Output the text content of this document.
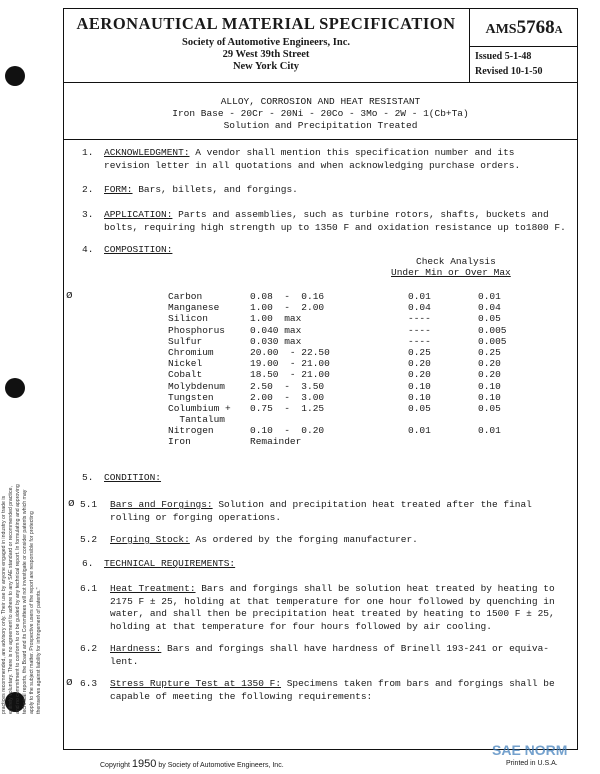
practices recommended, are advisory only. Their use by anyone engaged in industry or trade is entirely voluntary. There is no agreement to adhere to any SAE standard or recommended practice, and no commitment to conform to or be guided by any technical report. In formulating and approving technical reports, the Board and its Committees will not investigate or consider patents which may apply to the subject matter. Prospective users of the report are responsible for protecting themselves against liability for infringement of patents."
AERONAUTICAL MATERIAL SPECIFICATION
Society of Automotive Engineers, Inc.
29 West 39th Street
New York City
AMS5768A
Issued 5-1-48
Revised 10-1-50
ALLOY, CORROSION AND HEAT RESISTANT
Iron Base - 20Cr - 20Ni - 20Co - 3Mo - 2W - 1(Cb+Ta)
Solution and Precipitation Treated
1. ACKNOWLEDGMENT: A vendor shall mention this specification number and its
revision letter in all quotations and when acknowledging purchase orders.
2. FORM: Bars, billets, and forgings.
3. APPLICATION: Parts and assemblies, such as turbine rotors, shafts, buckets and
bolts, requiring high strength up to 1350 F and oxidation resistance up to1800 F.
4. COMPOSITION:
Check Analysis
Under Min or Over Max
ø	Carbon	0.08  -  0.16	0.01	0.01
Manganese	1.00  -  2.00	0.04	0.04
Silicon	1.00  max	----	0.05
Phosphorus	0.040 max	----	0.005
Sulfur	0.030 max	----	0.005
Chromium	20.00  - 22.50	0.25	0.25
Nickel	19.00  - 21.00	0.20	0.20
Cobalt	18.50  - 21.00	0.20	0.20
Molybdenum	2.50  -  3.50	0.10	0.10
Tungsten	2.00  -  3.00	0.10	0.10
Columbium + 0.75  -  1.25	0.05	0.05
Tantalum
Nitrogen	0.10  -  0.20	0.01	0.01
Iron	Remainder
5. CONDITION:
ø 5.1 Bars and Forgings: Solution and precipitation heat treated after the final
rolling or forging operations.
5.2 Forging Stock: As ordered by the forging manufacturer.
6. TECHNICAL REQUIREMENTS:
6.1 Heat Treatment: Bars and forgings shall be solution heat treated by heating to
2175 F ± 25, holding at that temperature for one hour followed by quenching in
water, and shall then be precipitation heat treated by heating to 1500 F ± 25,
holding at that temperature for four hours followed by air cooling.
6.2 Hardness: Bars and forgings shall have hardness of Brinell 193-241 or equiva-
lent.
ø 6.3 Stress Rupture Test at 1350 F: Specimens taken from bars and forgings shall be
capable of meeting the following requirements:
Copyright 1950 by Society of Automotive Engineers, Inc.	Printed in U.S.A.
SAE NORM
